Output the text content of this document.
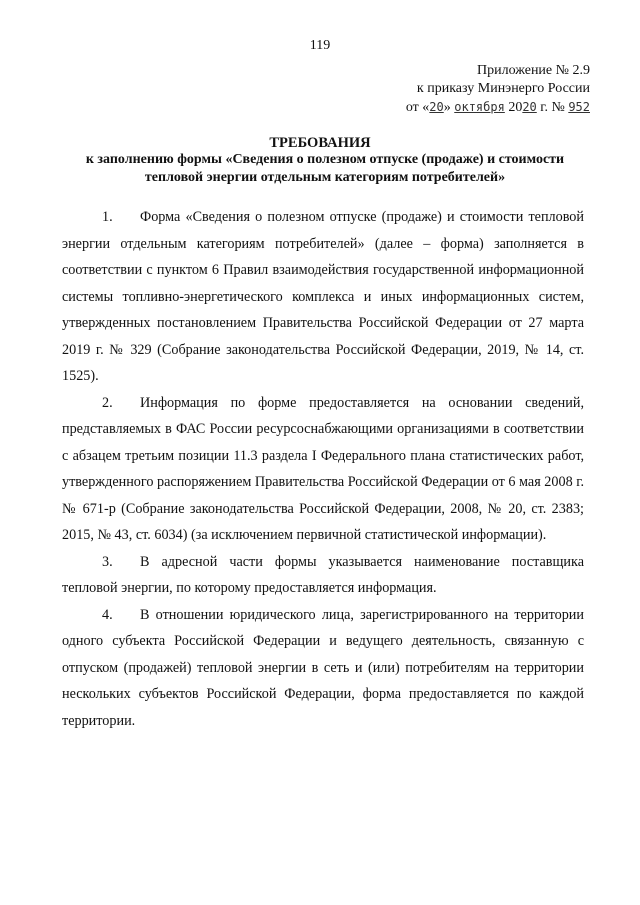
119
Приложение № 2.9
к приказу Минэнерго России
от «20» октября 2020 г. № 952
ТРЕБОВАНИЯ
к заполнению формы «Сведения о полезном отпуске (продаже) и стоимости тепловой энергии отдельным категориям потребителей»

1. Форма «Сведения о полезном отпуске (продаже) и стоимости тепловой энергии отдельным категориям потребителей» (далее – форма) заполняется в соответствии с пунктом 6 Правил взаимодействия государственной информационной системы топливно-энергетического комплекса и иных информационных систем, утвержденных постановлением Правительства Российской Федерации от 27 марта 2019 г. № 329 (Собрание законодательства Российской Федерации, 2019, № 14, ст. 1525).

2. Информация по форме предоставляется на основании сведений, представляемых в ФАС России ресурсоснабжающими организациями в соответствии с абзацем третьим позиции 11.3 раздела I Федерального плана статистических работ, утвержденного распоряжением Правительства Российской Федерации от 6 мая 2008 г. № 671-р (Собрание законодательства Российской Федерации, 2008, № 20, ст. 2383; 2015, № 43, ст. 6034) (за исключением первичной статистической информации).

3. В адресной части формы указывается наименование поставщика тепловой энергии, по которому предоставляется информация.

4. В отношении юридического лица, зарегистрированного на территории одного субъекта Российской Федерации и ведущего деятельность, связанную с отпуском (продажей) тепловой энергии в сеть и (или) потребителям на территории нескольких субъектов Российской Федерации, форма предоставляется по каждой территории.
